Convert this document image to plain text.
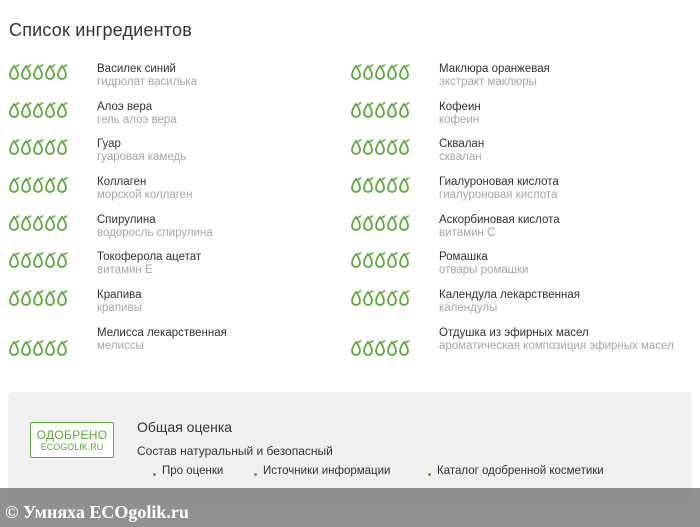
Список ингредиентов
Василек синий
гидролат василька
Алоэ вера
гель алоэ вера
Гуар
гуаровая камедь
Коллаген
морской коллаген
Спирулина
водоросль спирулина
Токоферола ацетат
витамин Е
Крапива
крапивы
Мелисса лекарственная
мелиссы
Маклюра оранжевая
экстракт маклюры
Кофеин
кофеин
Сквалан
сквалан
Гиалуроновая кислота
гиалуроновая кислота
Аскорбиновая кислота
витамин С
Ромашка
отвары ромашки
Календула лекарственная
календулы
Отдушка из эфирных масел
ароматическая композиция эфирных масел
ОДОБРЕНО
ECOGOLIK.RU
Общая оценка
Состав натуральный и безопасный
Про оценки	Источники информации	Каталог одобренной косметики
© Умняха ECOgolik.ru
